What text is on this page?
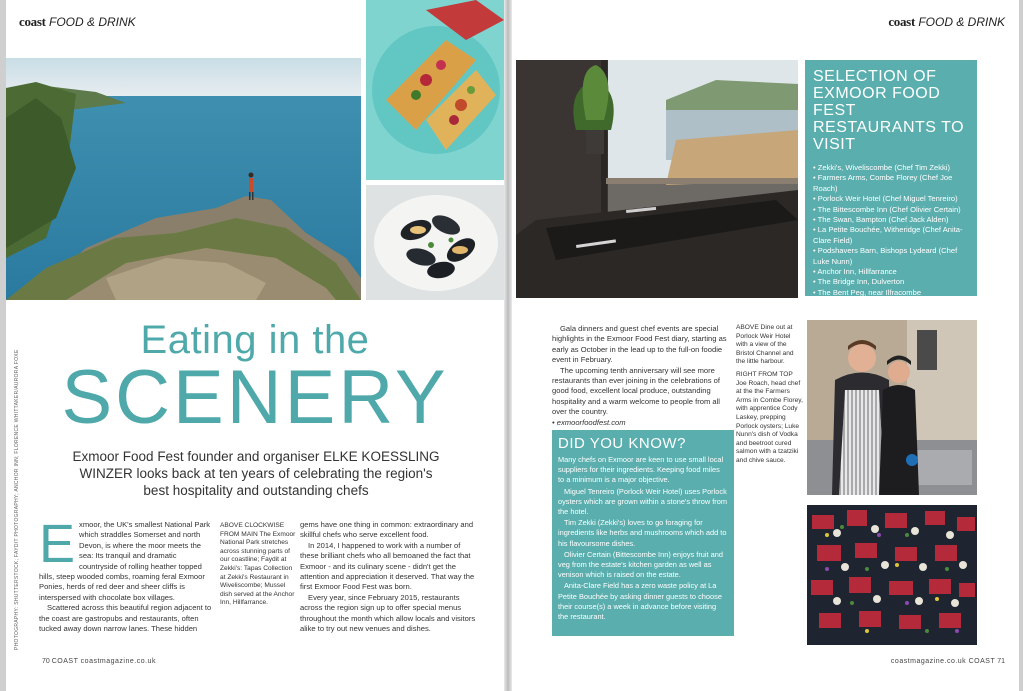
coast FOOD & DRINK
Eating in the
SCENERY
Exmoor Food Fest founder and organiser ELKE KOESSLING WINZER looks back at ten years of celebrating the region's best hospitality and outstanding chefs
E xmoor, the UK's smallest National Park which straddles Somerset and north Devon, is where the moor meets the sea: Its tranquil and dramatic countryside of rolling heather topped hills, steep wooded combs, roaming feral Exmoor Ponies, herds of red deer and sheer cliffs is interspersed with chocolate box villages.

Scattered across this beautiful region adjacent to the coast are gastropubs and restaurants, often tucked away down narrow lanes. These hidden

ABOVE CLOCKWISE FROM MAIN The Exmoor National Park stretches across stunning parts of our coastline; Faydit at Zekki's: Tapas Collection at Zekki's Restaurant in Wiveliscombe; Mussel dish served at the Anchor Inn, Hillfarrance.

gems have one thing in common: extraordinary and skillful chefs who serve excellent food.

In 2014, I happened to work with a number of these brilliant chefs who all bemoaned the fact that Exmoor - and its culinary scene - didn't get the attention and appreciation it deserved. That way the first Exmoor Food Fest was born.

Every year, since February 2015, restaurants across the region sign up to offer special menus throughout the month which allow locals and visitors alike to try out new venues and dishes.

PHOTOGRAPHY: SHUTTERSTOCK; FAYDIT PHOTOGRAPHY; ANCHOR INN; FLORENCE WHITTAKER/AURORA FOXE
70 COAST coastmagazine.co.uk
coast FOOD & DRINK
SELECTION OF EXMOOR FOOD FEST RESTAURANTS TO VISIT
• Zekki's, Wiveliscombe (Chef Tim Zekki)
• Farmers Arms, Combe Florey (Chef Joe Roach)
• Porlock Weir Hotel (Chef Miguel Tenreiro)
• The Bittescombe Inn (Chef Olivier Certain)
• The Swan, Bampton (Chef Jack Alden)
• La Petite Bouchée, Witheridge (Chef Anita-Clare Field)
• Podshavers Barn, Bishops Lydeard (Chef Luke Nunn)
• Anchor Inn, Hillfarrance
• The Bridge Inn, Dulverton
• The Bent Peg, near Ilfracombe

Gala dinners and guest chef events are special highlights in the Exmoor Food Fest diary, starting as early as October in the lead up to the full-on foodie event in February.

The upcoming tenth anniversary will see more restaurants than ever joining in the celebrations of good food, excellent local produce, outstanding hospitality and a warm welcome to people from all over the country.

• exmoorfoodfest.com

ABOVE Dine out at Porlock Weir Hotel with a view of the Bristol Channel and the little harbour.
RIGHT FROM TOP Joe Roach, head chef at the the Farmers Arms in Combe Florey, with apprentice Cody Laskey, prepping Porlock oysters; Luke Nunn's dish of Vodka and beetroot cured salmon with a tzatziki and chive sauce.
DID YOU KNOW?

Many chefs on Exmoor are keen to use small local suppliers for their ingredients. Keeping food miles to a minimum is a major objective.

Miguel Tenreiro (Porlock Weir Hotel) uses Porlock oysters which are grown within a stone's throw from the hotel.

Tim Zekki (Zekki's) loves to go foraging for ingredients like herbs and mushrooms which add to his flavoursome dishes.

Olivier Certain (Bittescombe Inn) enjoys fruit and veg from the estate's kitchen garden as well as venison which is raised on the estate.

Anita-Clare Field has a zero waste policy at La Petite Bouchée by asking dinner guests to choose their course(s) a week in advance before visiting the restaurant.

coastmagazine.co.uk COAST 71
